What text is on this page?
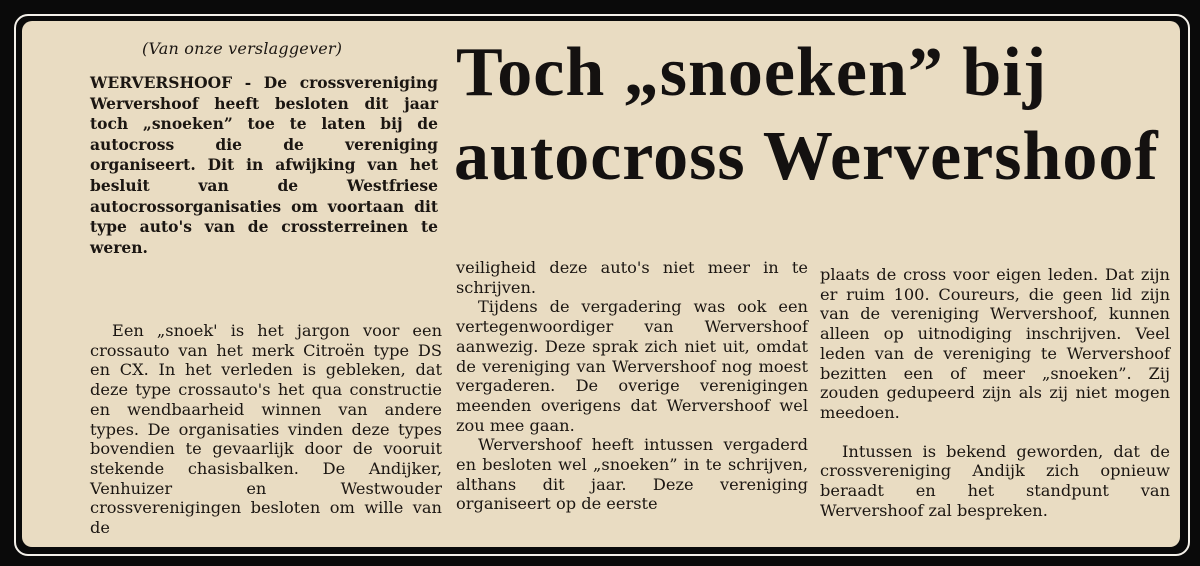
(Van onze verslaggever) Toch „snoeken” bij
autocross Wervershoof
WERVERSHOOF - De crossvereniging Wervershoof heeft besloten dit jaar toch „snoeken” toe te laten bij de autocross die de vereniging organiseert. Dit in afwijking van het besluit van de Westfriese autocrossorganisaties om voortaan dit type auto's van de crossterreinen te weren.

Een „snoek' is het jargon voor een crossauto van het merk Citroën type DS en CX. In het verleden is gebleken, dat deze type crossauto's het qua constructie en wendbaarheid winnen van andere types. De organisaties vinden deze types bovendien te gevaarlijk door de vooruit stekende chasisbalken. De Andijker, Venhuizer en Westwouder crossverenigingen besloten om wille van de

veiligheid deze auto's niet meer in te schrijven.

Tijdens de vergadering was ook een vertegenwoordiger van Wervershoof aanwezig. Deze sprak zich niet uit, omdat de vereniging van Wervershoof nog moest vergaderen. De overige verenigingen meenden overigens dat Wervershoof wel zou mee gaan.

Wervershoof heeft intussen vergaderd en besloten wel „snoeken” in te schrijven, althans dit jaar. Deze vereniging organiseert op de eerste

plaats de cross voor eigen leden. Dat zijn er ruim 100. Coureurs, die geen lid zijn van de vereniging Wervershoof, kunnen alleen op uitnodiging inschrijven. Veel leden van de vereniging te Wervershoof bezitten een of meer „snoeken”. Zij zouden gedupeerd zijn als zij niet mogen meedoen.

Intussen is bekend geworden, dat de crossvereniging Andijk zich opnieuw beraadt en het standpunt van Wervershoof zal bespreken.
